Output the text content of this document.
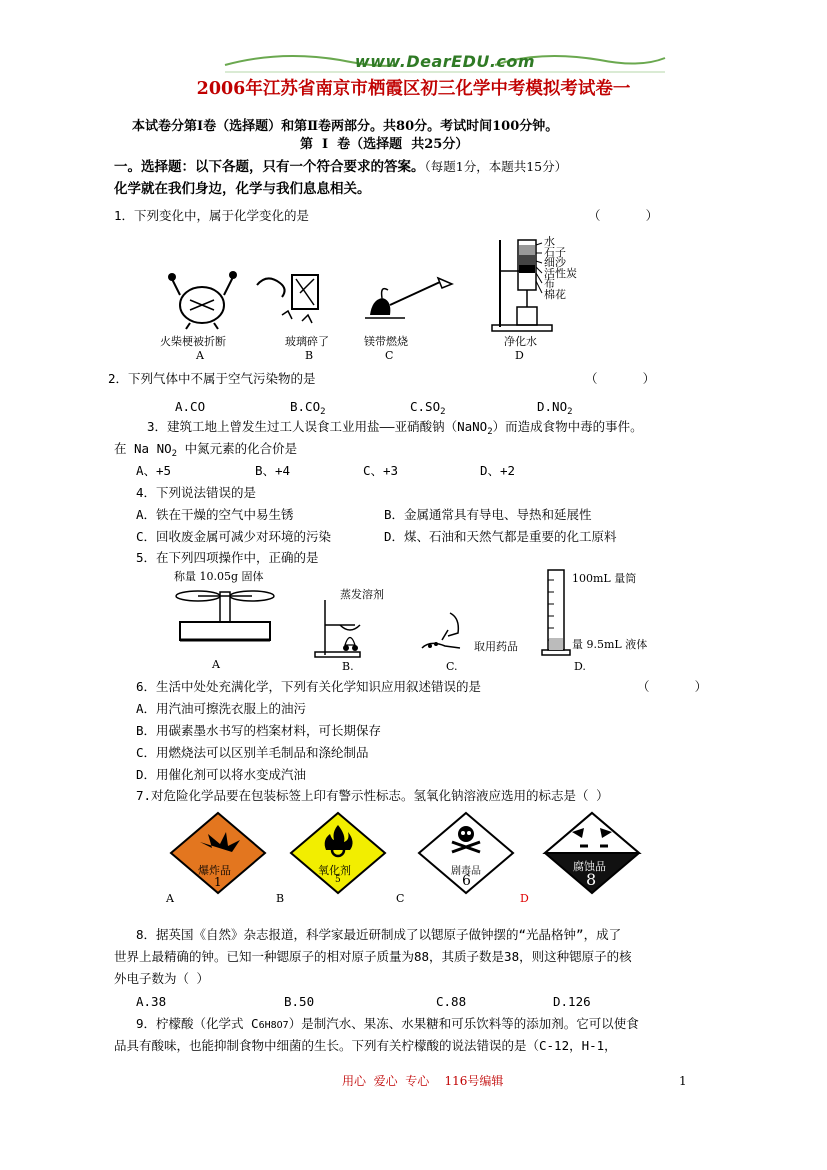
www.DearEDU.com
2006年江苏省南京市栖霞区初三化学中考模拟考试卷一
本试卷分第Ⅰ卷（选择题）和第Ⅱ卷两部分。共80分。考试时间100分钟。
第  Ⅰ  卷（选择题  共25分）
一。选择题：以下各题，只有一个符合要求的答案。（每题1分，本题共15分）
化学就在我们身边，化学与我们息息相关。
1．下列变化中，属于化学变化的是	（      ）
火柴梗被折断
A
玻璃碎了
B
镁带燃烧
C
水
石子
细沙
活性炭
布
棉花
净化水
D
2．下列气体中不属于空气污染物的是	（      ）
A.CO	$B.CO_2$	$C.SO_2$	$D.NO_2$
3．建筑工地上曾发生过工人误食工业用盐——亚硝酸钠（NaNO$_2$）而造成食物中毒的事件。
在 Na $NO_2$ 中氮元素的化合价是
A、+5	B、+4	C、+3	D、+2
4．下列说法错误的是
A．铁在干燥的空气中易生锈	B．金属通常具有导电、导热和延展性
C．回收废金属可减少对环境的污染	D．煤、石油和天然气都是重要的化工原料
5．在下列四项操作中，正确的是
称量 10.05g 固体
A
蒸发溶剂
B.
取用药品
C.
100mL 量筒
量 9.5mL 液体
D.
6．生活中处处充满化学，下列有关化学知识应用叙述错误的是	（      ）
A．用汽油可擦洗衣服上的油污
B．用碳素墨水书写的档案材料，可长期保存
C．用燃烧法可以区别羊毛制品和涤纶制品
D．用催化剂可以将水变成汽油
7.对危险化学品要在包装标签上印有警示性标志。氢氧化钠溶液应选用的标志是（ ）
爆炸品
1
A
氧化剂
5
B
剧毒品
6
C
腐蚀品
8
D
8．据英国《自然》杂志报道，科学家最近研制成了以锶原子做钟摆的“光晶格钟”，成了
世界上最精确的钟。已知一种锶原子的相对原子质量为88，其质子数是38，则这种锶原子的核
外电子数为（ ）
A.38	B.50	C.88	D.126
9．柠檬酸（化学式 C6H8O7）是制汽水、果冻、水果糖和可乐饮料等的添加剂。它可以使食
品具有酸味，也能抑制食物中细菌的生长。下列有关柠檬酸的说法错误的是（C-12，H-1，
用心  爱心  专心    116号编辑	1
